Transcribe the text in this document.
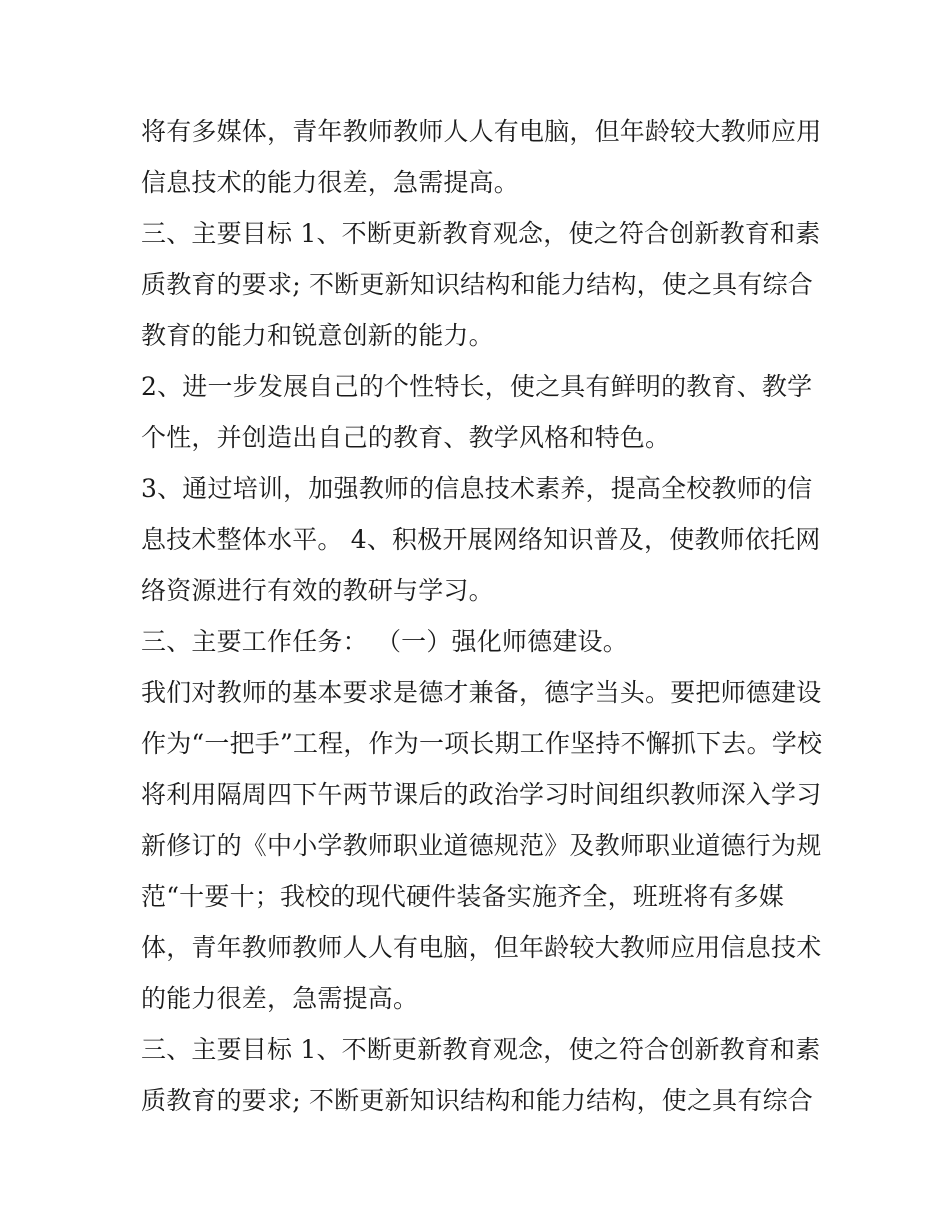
将有多媒体，青年教师教师人人有电脑，但年龄较大教师应用
信息技术的能力很差，急需提高。
三、主要目标 1、不断更新教育观念，使之符合创新教育和素
质教育的要求; 不断更新知识结构和能力结构，使之具有综合
教育的能力和锐意创新的能力。
2、进一步发展自己的个性特长，使之具有鲜明的教育、教学
个性，并创造出自己的教育、教学风格和特色。
3、通过培训，加强教师的信息技术素养，提高全校教师的信
息技术整体水平。 4、积极开展网络知识普及，使教师依托网
络资源进行有效的教研与学习。
三、主要工作任务： （一）强化师德建设。
我们对教师的基本要求是德才兼备，德字当头。要把师德建设
作为“一把手”工程，作为一项长期工作坚持不懈抓下去。学校
将利用隔周四下午两节课后的政治学习时间组织教师深入学习
新修订的《中小学教师职业道德规范》及教师职业道德行为规
范“十要十；我校的现代硬件装备实施齐全，班班将有多媒
体，青年教师教师人人有电脑，但年龄较大教师应用信息技术
的能力很差，急需提高。
三、主要目标 1、不断更新教育观念，使之符合创新教育和素
质教育的要求; 不断更新知识结构和能力结构，使之具有综合
